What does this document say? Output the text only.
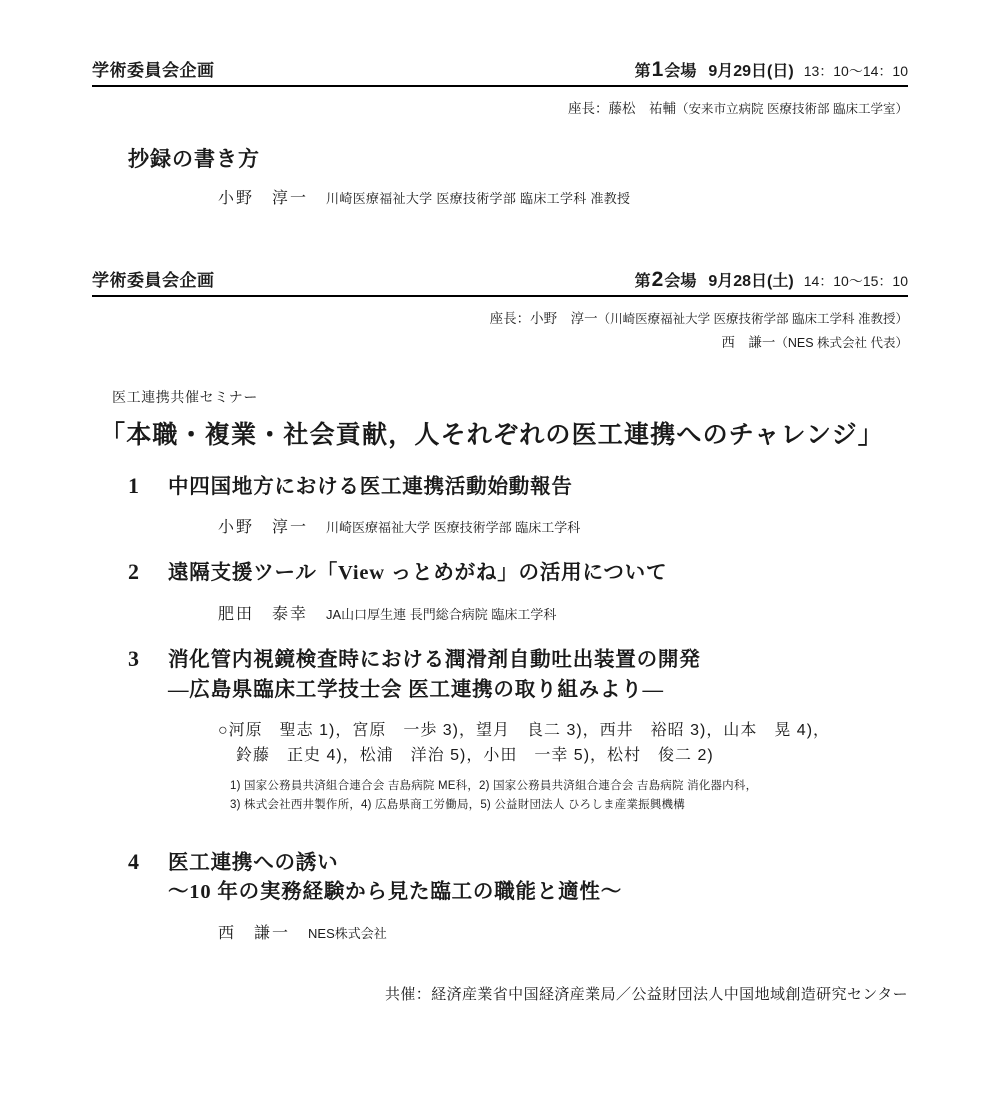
学術委員会企画	第1会場 9月29日(日) 13：10〜14：10
座長：藤松　祐輔（安来市立病院 医療技術部 臨床工学室）
抄録の書き方
小野　淳一 川崎医療福祉大学 医療技術学部 臨床工学科 准教授
学術委員会企画	第2会場 9月28日(土) 14：10〜15：10
座長：小野　淳一（川崎医療福祉大学 医療技術学部 臨床工学科 准教授）
西　謙一（NES 株式会社 代表）
医工連携共催セミナー
「本職・複業・社会貢献，人それぞれの医工連携へのチャレンジ」
1 中四国地方における医工連携活動始動報告
小野　淳一 川崎医療福祉大学 医療技術学部 臨床工学科
2 遠隔支援ツール「View っとめがね」の活用について
肥田　泰幸 JA山口厚生連 長門総合病院 臨床工学科
3 消化管内視鏡検査時における潤滑剤自動吐出装置の開発
―広島県臨床工学技士会 医工連携の取り組みより―
○河原　聖志 1)，宮原　一歩 3)，望月　良二 3)，西井　裕昭 3)，山本　晃 4)，
鈴藤　正史 4)，松浦　洋治 5)，小田　一幸 5)，松村　俊二 2)
1) 国家公務員共済組合連合会 吉島病院 ME科，2) 国家公務員共済組合連合会 吉島病院 消化器内科，
3) 株式会社西井製作所，4) 広島県商工労働局，5) 公益財団法人 ひろしま産業振興機構
4 医工連携への誘い
〜10 年の実務経験から見た臨工の職能と適性〜
西　謙一 NES株式会社
共催：経済産業省中国経済産業局／公益財団法人中国地域創造研究センター
